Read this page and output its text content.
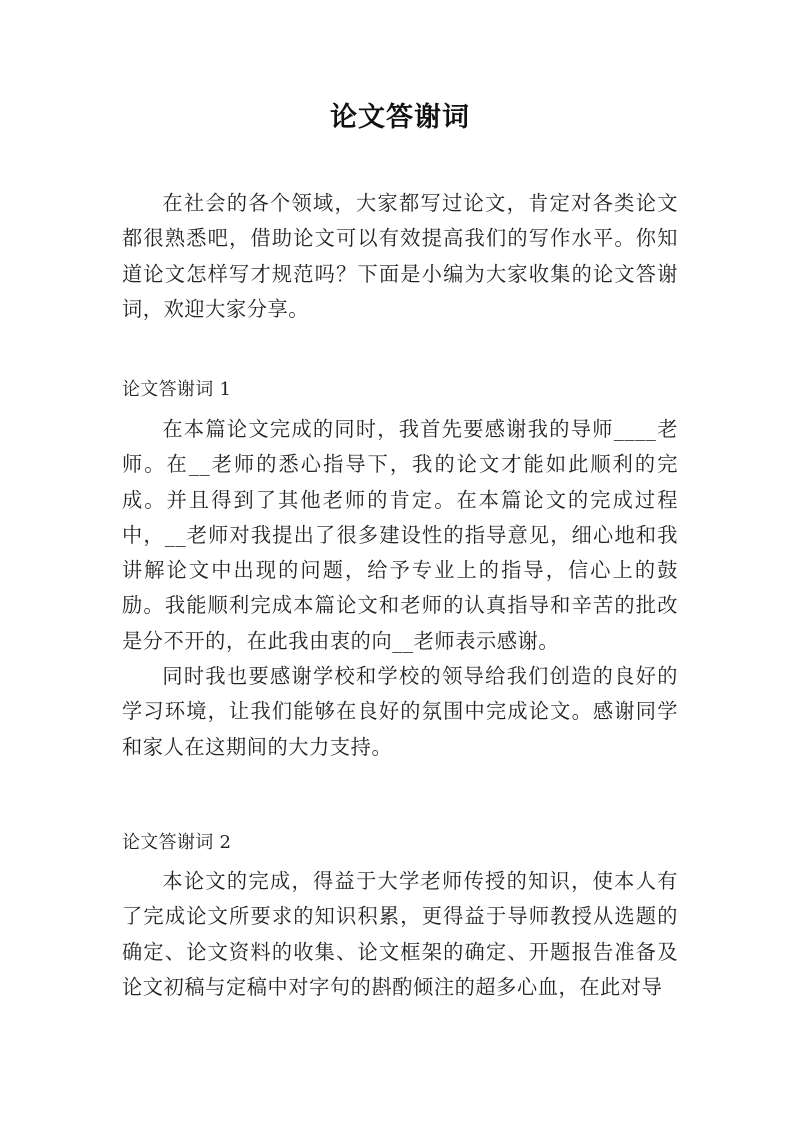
论文答谢词

在社会的各个领域，大家都写过论文，肯定对各类论文都很熟悉吧，借助论文可以有效提高我们的写作水平。你知道论文怎样写才规范吗？下面是小编为大家收集的论文答谢词，欢迎大家分享。

论文答谢词 1

在本篇论文完成的同时，我首先要感谢我的导师____老师。在__老师的悉心指导下，我的论文才能如此顺利的完成。并且得到了其他老师的肯定。在本篇论文的完成过程中，__老师对我提出了很多建设性的指导意见，细心地和我讲解论文中出现的问题，给予专业上的指导，信心上的鼓励。我能顺利完成本篇论文和老师的认真指导和辛苦的批改是分不开的，在此我由衷的向__老师表示感谢。

同时我也要感谢学校和学校的领导给我们创造的良好的学习环境，让我们能够在良好的氛围中完成论文。感谢同学和家人在这期间的大力支持。

论文答谢词 2

本论文的完成，得益于大学老师传授的知识，使本人有了完成论文所要求的知识积累，更得益于导师教授从选题的确定、论文资料的收集、论文框架的确定、开题报告准备及论文初稿与定稿中对字句的斟酌倾注的超多心血，在此对导
